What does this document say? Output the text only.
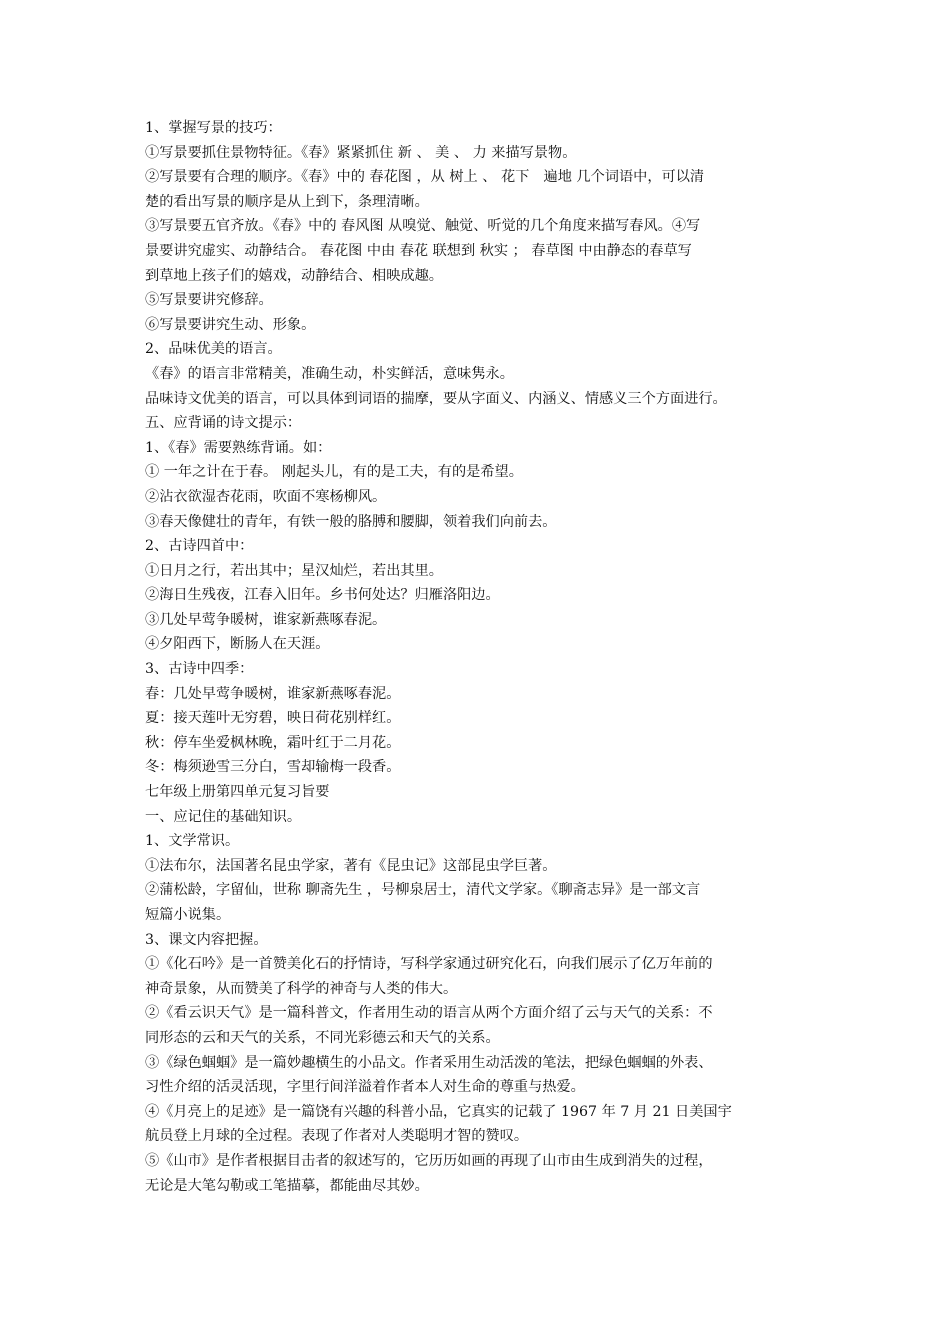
1、掌握写景的技巧：
①写景要抓住景物特征。《春》紧紧抓住 新 、 美 、 力 来描写景物。
②写景要有合理的顺序。《春》中的 春花图 ，从 树上 、 花下　遍地 几个词语中，可以清
楚的看出写景的顺序是从上到下，条理清晰。
③写景要五官齐放。《春》中的 春风图 从嗅觉、触觉、听觉的几个角度来描写春风。④写
景要讲究虚实、动静结合。 春花图 中由 春花 联想到 秋实 ； 春草图 中由静态的春草写
到草地上孩子们的嬉戏，动静结合、相映成趣。
⑤写景要讲究修辞。
⑥写景要讲究生动、形象。
2、品味优美的语言。
《春》的语言非常精美，准确生动，朴实鲜活，意味隽永。
品味诗文优美的语言，可以具体到词语的揣摩，要从字面义、内涵义、情感义三个方面进行。
五、应背诵的诗文提示：
1、《春》需要熟练背诵。如：
① 一年之计在于春。 刚起头儿，有的是工夫，有的是希望。
②沾衣欲湿杏花雨，吹面不寒杨柳风。
③春天像健壮的青年，有铁一般的胳膊和腰脚，领着我们向前去。
2、古诗四首中：
①日月之行，若出其中；星汉灿烂，若出其里。
②海日生残夜，江春入旧年。乡书何处达？归雁洛阳边。
③几处早莺争暖树，谁家新燕啄春泥。
④夕阳西下，断肠人在天涯。
3、古诗中四季：
春：几处早莺争暖树，谁家新燕啄春泥。
夏：接天莲叶无穷碧，映日荷花别样红。
秋：停车坐爱枫林晚，霜叶红于二月花。
冬：梅须逊雪三分白，雪却输梅一段香。
七年级上册第四单元复习旨要
一、应记住的基础知识。
1、文学常识。
①法布尔，法国著名昆虫学家，著有《昆虫记》这部昆虫学巨著。
②蒲松龄，字留仙，世称 聊斋先生 ，号柳泉居士，清代文学家。《聊斋志异》是一部文言
短篇小说集。
3、课文内容把握。
①《化石吟》是一首赞美化石的抒情诗，写科学家通过研究化石，向我们展示了亿万年前的
神奇景象，从而赞美了科学的神奇与人类的伟大。
②《看云识天气》是一篇科普文，作者用生动的语言从两个方面介绍了云与天气的关系：不
同形态的云和天气的关系，不同光彩德云和天气的关系。
③《绿色蝈蝈》是一篇妙趣横生的小品文。作者采用生动活泼的笔法，把绿色蝈蝈的外表、
习性介绍的活灵活现，字里行间洋溢着作者本人对生命的尊重与热爱。
④《月亮上的足迹》是一篇饶有兴趣的科普小品，它真实的记载了 1967 年 7 月 21 日美国宇
航员登上月球的全过程。表现了作者对人类聪明才智的赞叹。
⑤《山市》是作者根据目击者的叙述写的，它历历如画的再现了山市由生成到消失的过程，
无论是大笔勾勒或工笔描摹，都能曲尽其妙。
